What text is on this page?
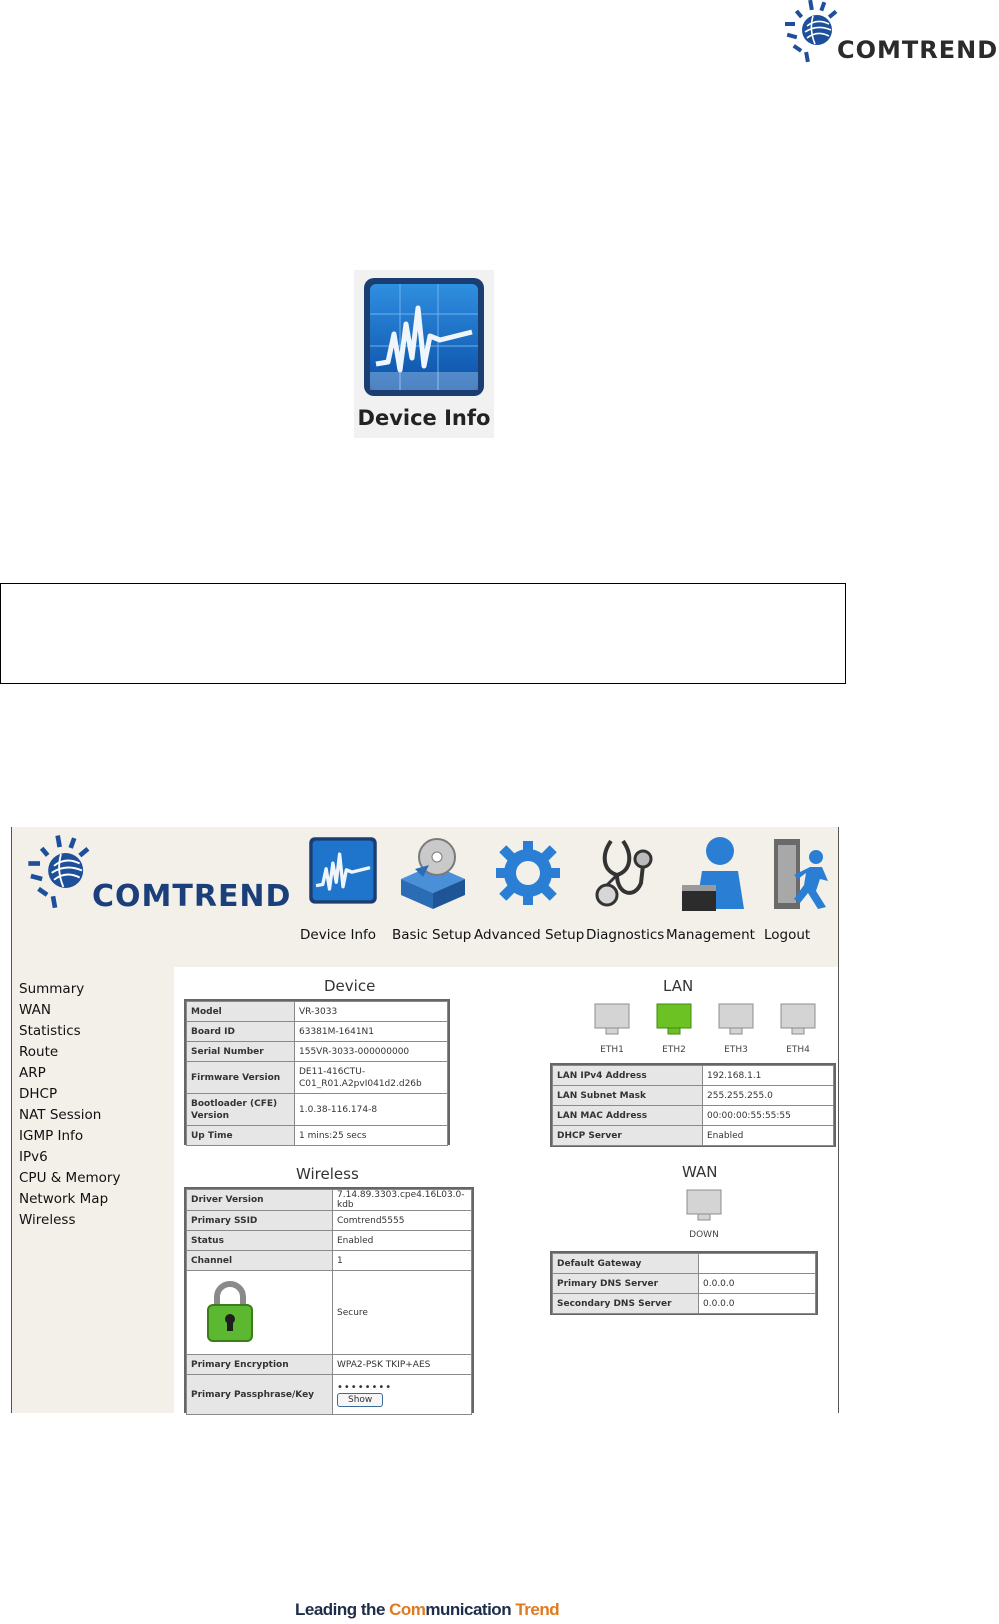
COMTREND
Device Info
COMTREND
Device Info Basic Setup Advanced Setup Diagnostics Management Logout
Summary
WAN
Statistics
Route
ARP
DHCP
NAT Session
IGMP Info
IPv6
CPU & Memory
Network Map
Wireless
Device
Model	VR-3033
Board ID	63381M-1641N1
Serial Number	155VR-3033-000000000
Firmware Version	DE11-416CTU-C01_R01.A2pvI041d2.d26b
Bootloader (CFE) Version	1.0.38-116.174-8
Up Time	1 mins:25 secs
LAN
ETH1	ETH2	ETH3	ETH4
LAN IPv4 Address	192.168.1.1
LAN Subnet Mask	255.255.255.0
LAN MAC Address	00:00:00:55:55:55
DHCP Server	Enabled
Wireless
Driver Version	7.14.89.3303.cpe4.16L03.0-kdb
Primary SSID	Comtrend5555
Status	Enabled
Channel	1
	Secure
Primary Encryption	WPA2-PSK TKIP+AES
Primary Passphrase/Key	••••••••
Show
WAN
DOWN
Default Gateway	
Primary DNS Server	0.0.0.0
Secondary DNS Server	0.0.0.0
Leading the Communication Trend
